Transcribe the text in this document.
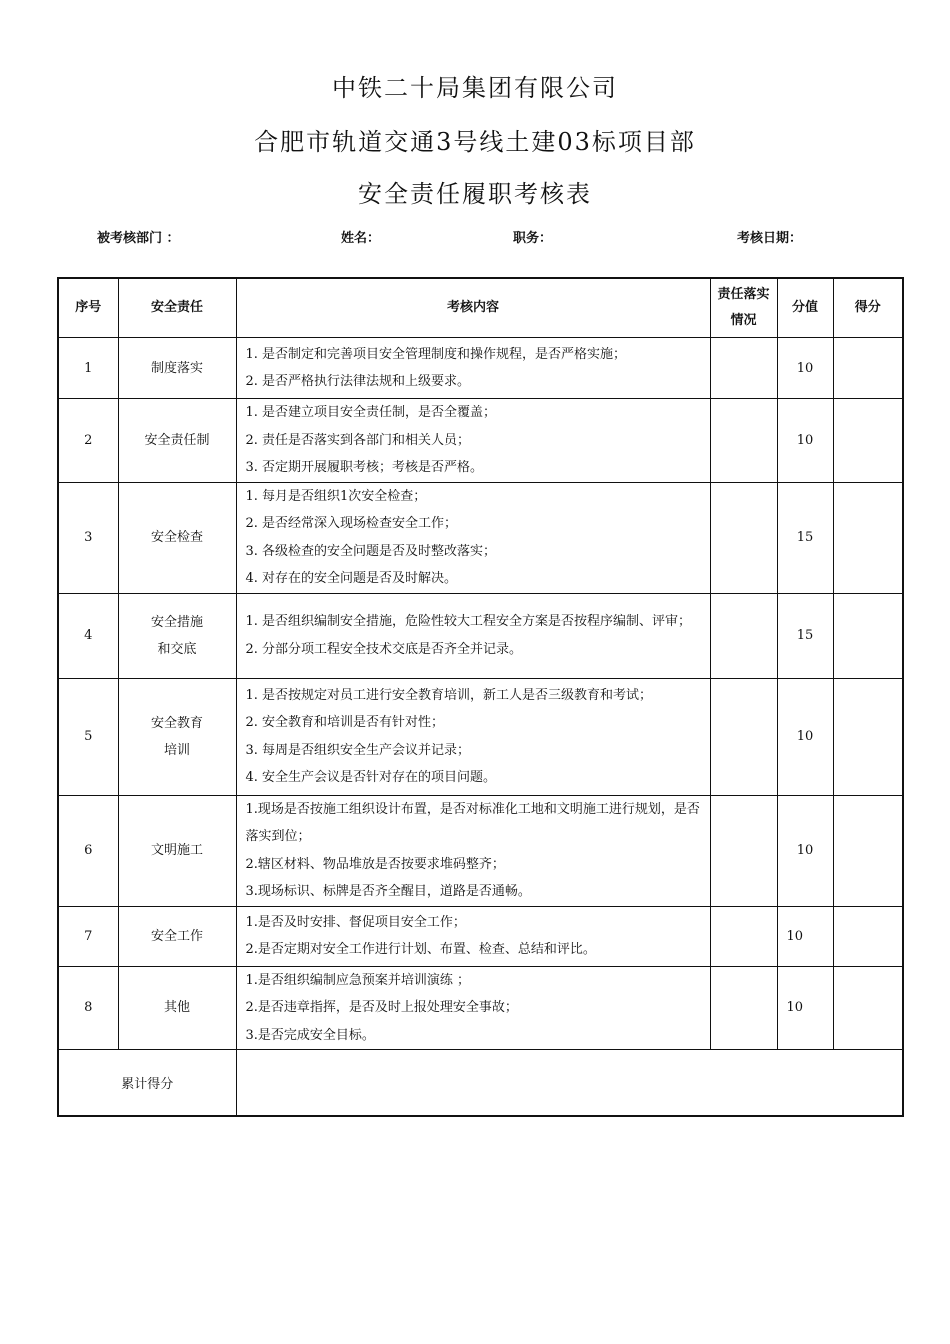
中铁二十局集团有限公司
合肥市轨道交通3号线土建03标项目部
安全责任履职考核表
被考核部门 ：	姓名：	职务：	考核日期：
序号	安全责任	考核内容	责任落实情况	分值	得分
1	制度落实	1. 是否制定和完善项目安全管理制度和操作规程，是否严格实施；
2. 是否严格执行法律法规和上级要求。		10	
2	安全责任制	1. 是否建立项目安全责任制，是否全覆盖；
2. 责任是否落实到各部门和相关人员；
3. 否定期开展履职考核；考核是否严格。		10	
3	安全检查	1. 每月是否组织1次安全检查；
2. 是否经常深入现场检查安全工作；
3. 各级检查的安全问题是否及时整改落实；
4. 对存在的安全问题是否及时解决。		15	
4	安全措施和交底	1. 是否组织编制安全措施，危险性较大工程安全方案是否按程序编制、评审；
2. 分部分项工程安全技术交底是否齐全并记录。		15	
5	安全教育培训	1. 是否按规定对员工进行安全教育培训，新工人是否三级教育和考试；
2. 安全教育和培训是否有针对性；
3. 每周是否组织安全生产会议并记录；
4. 安全生产会议是否针对存在的项目问题。		10	
6	文明施工	1.现场是否按施工组织设计布置，是否对标准化工地和文明施工进行规划，是否落实到位；
2.辖区材料、物品堆放是否按要求堆码整齐；
3.现场标识、标牌是否齐全醒目，道路是否通畅。		10	
7	安全工作	1.是否及时安排、督促项目安全工作；
2.是否定期对安全工作进行计划、布置、检查、总结和评比。		10	
8	其他	1.是否组织编制应急预案并培训演练 ；
2.是否违章指挥，是否及时上报处理安全事故；
3.是否完成安全目标。		10	
累计得分					
